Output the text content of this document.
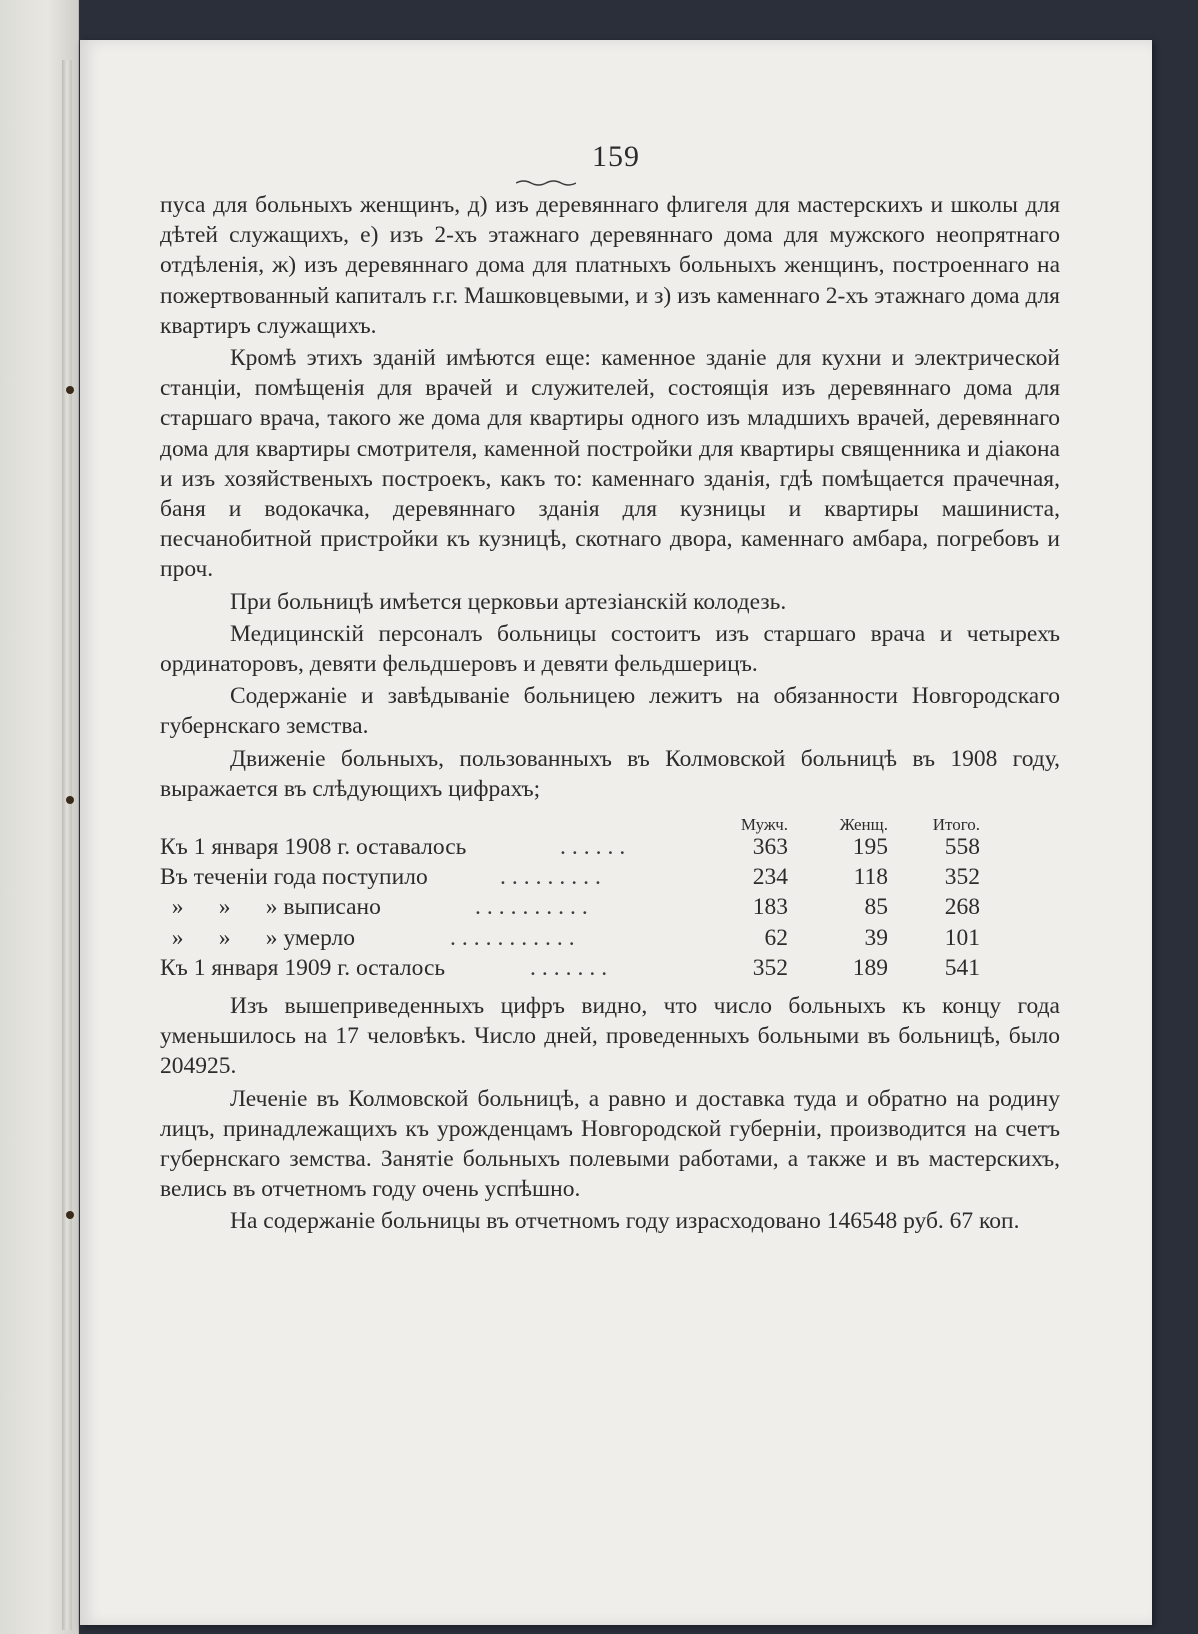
159

пуса для больныхъ женщинъ, д) изъ деревяннаго флигеля для мастерскихъ и школы для дѣтей служащихъ, е) изъ 2-хъ этажнаго деревяннаго дома для мужского неопрятнаго отдѣленія, ж) изъ деревяннаго дома для платныхъ больныхъ женщинъ, построеннаго на пожертвованный капиталъ г.г. Машковцевыми, и з) изъ каменнаго 2-хъ этажнаго дома для квартиръ служащихъ.

Кромѣ этихъ зданій имѣются еще: каменное зданіе для кухни и электрической станціи, помѣщенія для врачей и служителей, состоящія изъ деревяннаго дома для старшаго врача, такого же дома для квартиры одного изъ младшихъ врачей, деревяннаго дома для квартиры смотрителя, каменной постройки для квартиры священника и діакона и изъ хозяйственыхъ построекъ, какъ то: каменнаго зданія, гдѣ помѣщается прачечная, баня и водокачка, деревяннаго зданія для кузницы и квартиры машиниста, песчанобитной пристройки къ кузницѣ, скотнаго двора, каменнаго амбара, погребовъ и проч.

При больницѣ имѣется церковьи артезіанскій колодезь.

Медицинскій персоналъ больницы состоитъ изъ старшаго врача и четырехъ ординаторовъ, девяти фельдшеровъ и девяти фельдшерицъ.

Содержаніе и завѣдываніе больницею лежитъ на обязанности Новгородскаго губернскаго земства.

Движеніе больныхъ, пользованныхъ въ Колмовской больницѣ въ 1908 году, выражается въ слѣдующихъ цифрахъ;

Мужч.	Женщ.	Итого.
Къ 1 января 1908 г. оставалось	......	363	195	558
Въ теченіи года поступило	.........	234	118	352
»      »      » выписано	..........	183	85	268
»      »      » умерло	...........	62	39	101
Къ 1 января 1909 г. осталось	.......	352	189	541

Изъ вышеприведенныхъ цифръ видно, что число больныхъ къ концу года уменьшилось на 17 человѣкъ. Число дней, проведенныхъ больными въ больницѣ, было 204925.

Леченіе въ Колмовской больницѣ, а равно и доставка туда и обратно на родину лицъ, принадлежащихъ къ урожденцамъ Новгородской губерніи, производится на счетъ губернскаго земства. Занятіе больныхъ полевыми работами, а также и въ мастерскихъ, велись въ отчетномъ году очень успѣшно.

На содержаніе больницы въ отчетномъ году израсходовано 146548 руб. 67 коп.
